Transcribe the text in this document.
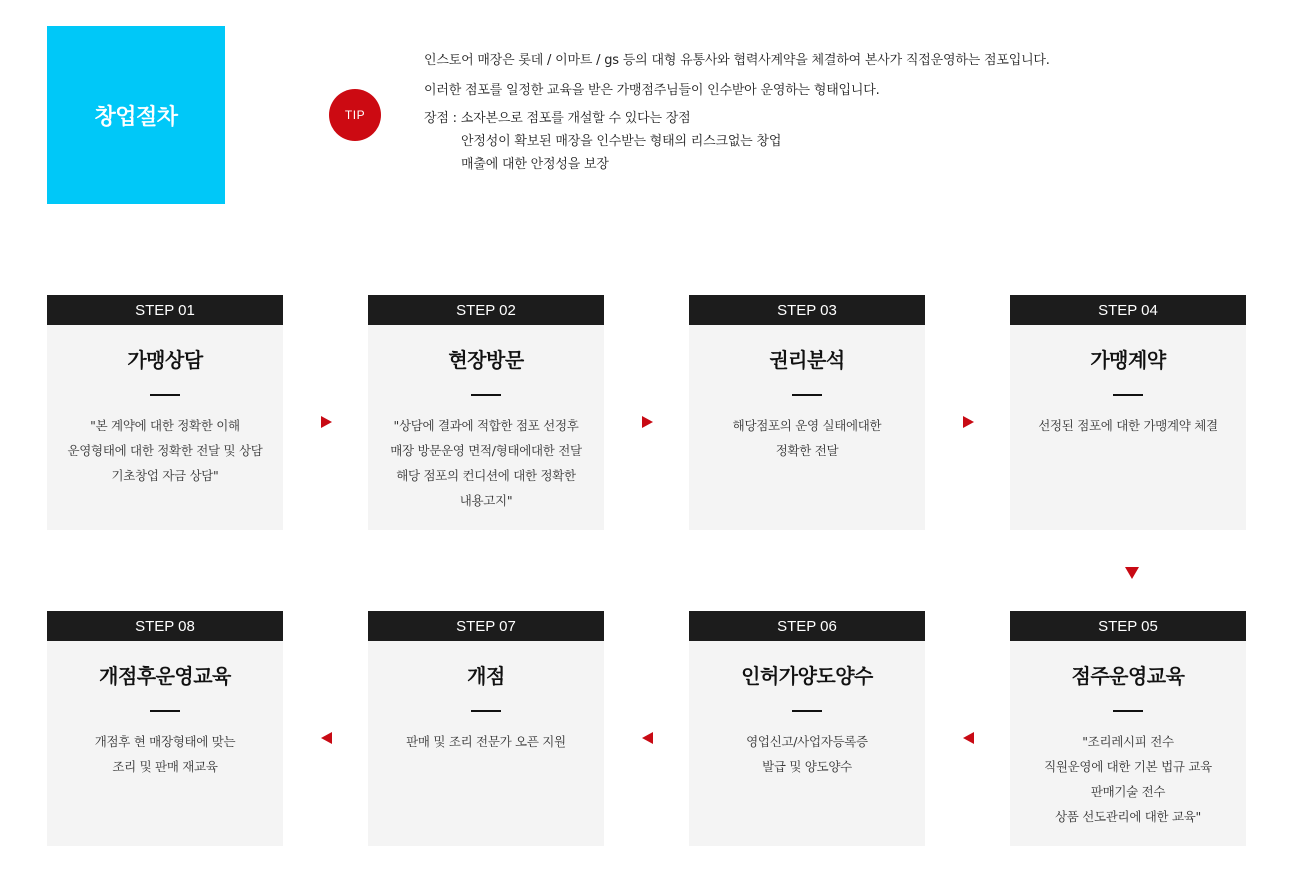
창업절차	TIP
인스토어 매장은 롯데 / 이마트 / gs 등의 대형 유통사와 협력사계약을 체결하여 본사가 직접운영하는 점포입니다.
이러한 점포를 일정한 교육을 받은 가맹점주님들이 인수받아 운영하는 형태입니다.
장점 : 소자본으로 점포를 개설할 수 있다는 장점
안정성이 확보된 매장을 인수받는 형태의 리스크없는 창업
매출에 대한 안정성을 보장
STEP 01
가맹상담
"본 계약에 대한 정확한 이해
운영형태에 대한 정확한 전달 및 상담
기초창업 자금 상담"
STEP 02
현장방문
"상담에 결과에 적합한 점포 선정후
매장 방문운영 면적/형태에대한 전달
해당 점포의 컨디션에 대한 정확한
내용고지"
STEP 03
권리분석
해당점포의 운영 실태에대한
정확한 전달
STEP 04
가맹계약
선정된 점포에 대한 가맹계약 체결
STEP 08
개점후운영교육
개점후 현 매장형태에 맞는
조리 및 판매 재교육
STEP 07
개점
판매 및 조리 전문가 오픈 지원
STEP 06
인허가양도양수
영업신고/사업자등록증
발급 및 양도양수
STEP 05
점주운영교육
"조리레시피 전수
직원운영에 대한 기본 법규 교육
판매기술 전수
상품 선도관리에 대한 교육"
